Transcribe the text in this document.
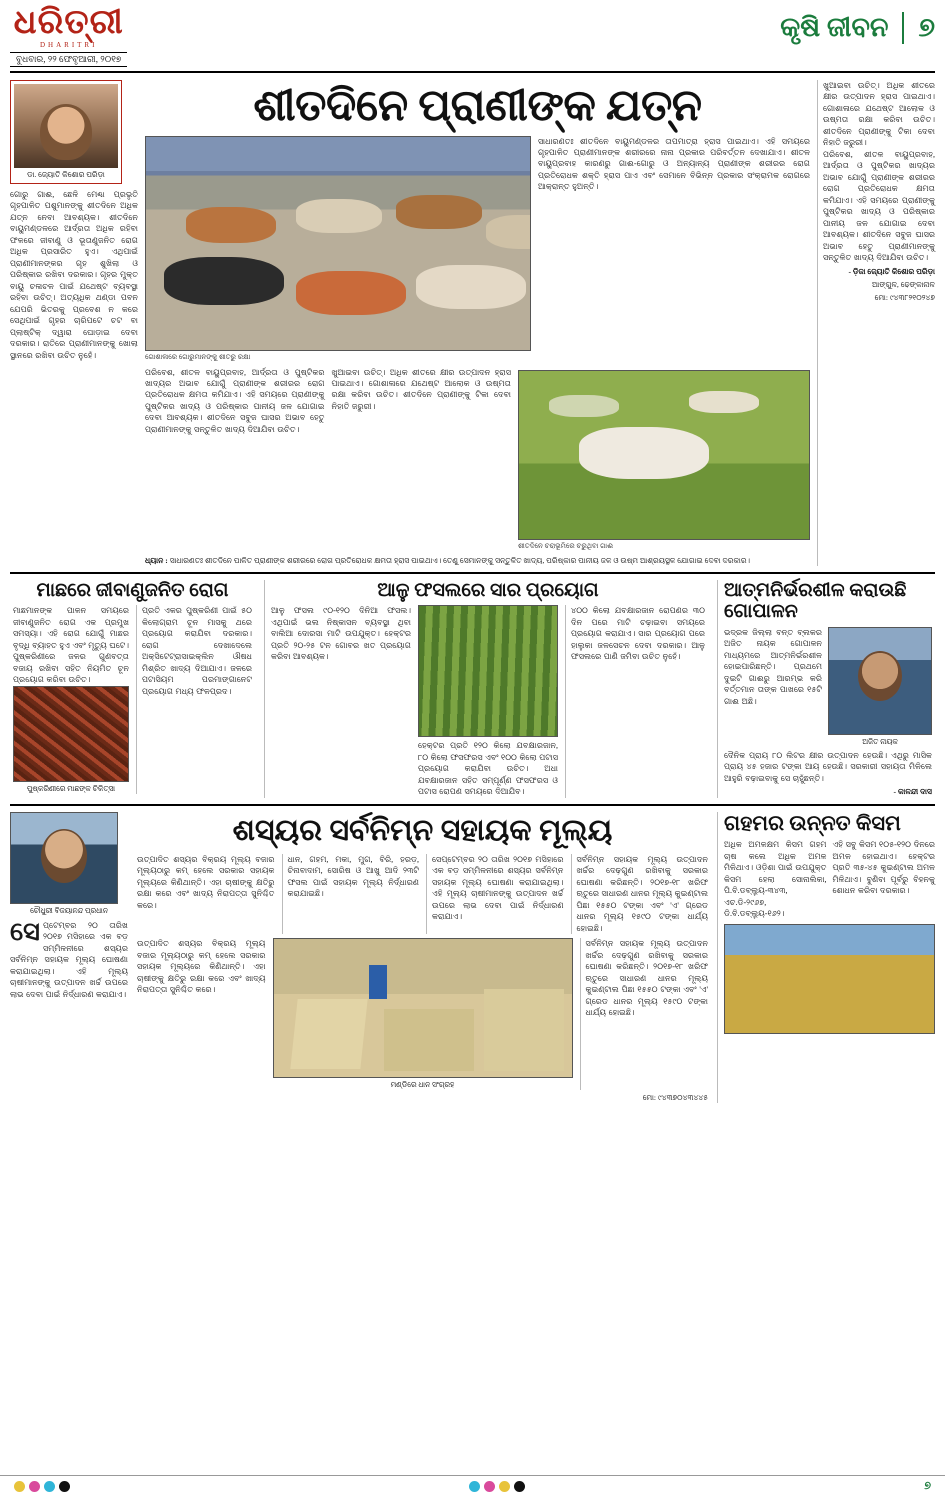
ଧରିତ୍ରୀ
DHARITRI
ବୁଧବାର, ୨୨ ଫେବୃଆରୀ, ୨୦୧୭
କୃଷି ଜୀବନ	୭
ଡା. ଜ୍ୟୋତି କିଶୋର ପରିଡ଼ା
ଗୋରୁ ଗାଈ, ଛେଳି ମେଣ୍ଢା ପ୍ରଭୃତି ଗୃହପାଳିତ ପଶୁମାନଙ୍କୁ ଶୀତଦିନେ ଅଧିକ ଯତ୍ନ ନେବା ଆବଶ୍ୟକ। ଶୀତଦିନେ ବାୟୁମଣ୍ଡଳରେ ଆର୍ଦ୍ରତା ଅଧିକ ରହିବା ଫଳରେ ଜୀବାଣୁ ଓ ଭୂତାଣୁଜନିତ ରୋଗ ଅଧିକ ପ୍ରସାରିତ ହୁଏ। ଏଥିପାଇଁ ପ୍ରାଣୀମାନଙ୍କର ଗୃହ ଶୁଖିଲା ଓ ପରିଷ୍କାର ରଖିବା ଦରକାର। ଗୃହର ମୁକ୍ତ ବାୟୁ ଚଳାଚଳ ପାଇଁ ଯଥେଷ୍ଟ ବ୍ୟବସ୍ଥା ରହିବା ଉଚିତ୍। ଅତ୍ୟଧିକ ଥଣ୍ଡା ପବନ ଯେପରି ଭିତରକୁ ପ୍ରବେଶ ନ କରେ ସେଥିପାଇଁ ଗୃହର ଚାରିପଟେ ଚଟ ବା ପ୍ଲାଷ୍ଟିକ୍ ଦ୍ୱାରା ଘୋଡ଼ାଇ ଦେବା ଦରକାର। ରାତିରେ ପ୍ରାଣୀମାନଙ୍କୁ ଖୋଲା ସ୍ଥାନରେ ରଖିବା ଉଚିତ ନୁହେଁ।
ଶୀତଦିନେ ପ୍ରାଣୀଙ୍କ ଯତ୍ନ
ଗୋଶାଳାରେ ଗୋରୁମାନଙ୍କୁ ଶୀତରୁ ରକ୍ଷା
ସାଧାରଣତଃ ଶୀତଦିନେ ବାୟୁମଣ୍ଡଳର ତାପମାତ୍ରା ହ୍ରାସ ପାଇଥାଏ। ଏହି ସମୟରେ ଗୃହପାଳିତ ପ୍ରାଣୀମାନଙ୍କ ଶରୀରରେ ନାନା ପ୍ରକାର ପରିବର୍ତ୍ତନ ଦେଖାଯାଏ। ଶୀତଳ ବାୟୁପ୍ରବାହ କାରଣରୁ ଗାଈ-ଗୋରୁ ଓ ଅନ୍ୟାନ୍ୟ ପ୍ରାଣୀଙ୍କ ଶରୀରର ରୋଗ ପ୍ରତିରୋଧକ ଶକ୍ତି ହ୍ରାସ ପାଏ ଏବଂ ସେମାନେ ବିଭିନ୍ନ ପ୍ରକାର ସଂକ୍ରାମକ ରୋଗରେ ଆକ୍ରାନ୍ତ ହୁଅନ୍ତି।
ପରିବେଶ, ଶୀତଳ ବାୟୁପ୍ରବାହ, ଆର୍ଦ୍ରତା ଓ ପୁଷ୍ଟିକର ଖାଦ୍ୟର ଅଭାବ ଯୋଗୁଁ ପ୍ରାଣୀଙ୍କ ଶରୀରର ରୋଗ ପ୍ରତିରୋଧକ କ୍ଷମତା କମିଯାଏ। ଏହି ସମୟରେ ପ୍ରାଣୀଙ୍କୁ ପୁଷ୍ଟିକର ଖାଦ୍ୟ ଓ ପରିଷ୍କାର ପାନୀୟ ଜଳ ଯୋଗାଇ ଦେବା ଆବଶ୍ୟକ। ଶୀତଦିନେ ସବୁଜ ଘାସର ଅଭାବ ହେତୁ ପ୍ରାଣୀମାନଙ୍କୁ ସନ୍ତୁଳିତ ଖାଦ୍ୟ ଦିଆଯିବା ଉଚିତ।
ଖୁଆଇବା ଉଚିତ୍। ଅଧିକ ଶୀତରେ କ୍ଷୀର ଉତ୍ପାଦନ ହ୍ରାସ ପାଇଥାଏ। ଗୋଶାଳାରେ ଯଥେଷ୍ଟ ଆଲୋକ ଓ ଉଷ୍ମତା ରକ୍ଷା କରିବା ଉଚିତ। ଶୀତଦିନେ ପ୍ରାଣୀଙ୍କୁ ଟିକା ଦେବା ନିହାତି ଜରୁରୀ।
ଶୀତଦିନେ ଚରାଭୂମିରେ ଚରୁଥିବା ଗାଈ
ଧ୍ୟାନ : ସାଧାରଣତଃ ଶୀତଦିନେ ପାଳିତ ପ୍ରାଣୀଙ୍କ ଶରୀରରେ ରୋଗ ପ୍ରତିରୋଧକ କ୍ଷମତା ହ୍ରାସ ପାଇଥାଏ। ତେଣୁ ସେମାନଙ୍କୁ ସନ୍ତୁଳିତ ଖାଦ୍ୟ, ପରିଷ୍କାର ପାନୀୟ ଜଳ ଓ ଉଷ୍ମ ଆଶ୍ରୟସ୍ଥଳ ଯୋଗାଇ ଦେବା ଦରକାର।
ଖୁଆଇବା ଉଚିତ୍। ଅଧିକ ଶୀତରେ କ୍ଷୀର ଉତ୍ପାଦନ ହ୍ରାସ ପାଇଥାଏ। ଗୋଶାଳାରେ ଯଥେଷ୍ଟ ଆଲୋକ ଓ ଉଷ୍ମତା ରକ୍ଷା କରିବା ଉଚିତ। ଶୀତଦିନେ ପ୍ରାଣୀଙ୍କୁ ଟିକା ଦେବା ନିହାତି ଜରୁରୀ।
ପରିବେଶ, ଶୀତଳ ବାୟୁପ୍ରବାହ, ଆର୍ଦ୍ରତା ଓ ପୁଷ୍ଟିକର ଖାଦ୍ୟର ଅଭାବ ଯୋଗୁଁ ପ୍ରାଣୀଙ୍କ ଶରୀରର ରୋଗ ପ୍ରତିରୋଧକ କ୍ଷମତା କମିଯାଏ। ଏହି ସମୟରେ ପ୍ରାଣୀଙ୍କୁ ପୁଷ୍ଟିକର ଖାଦ୍ୟ ଓ ପରିଷ୍କାର ପାନୀୟ ଜଳ ଯୋଗାଇ ଦେବା ଆବଶ୍ୟକ। ଶୀତଦିନେ ସବୁଜ ଘାସର ଅଭାବ ହେତୁ ପ୍ରାଣୀମାନଙ୍କୁ ସନ୍ତୁଳିତ ଖାଦ୍ୟ ଦିଆଯିବା ଉଚିତ।
- ଡ଼ିଜା ଜ୍ୟୋତି କିଶୋର ପରିଡ଼ା
ଆଙ୍ଗୁଳ, ଢେଙ୍କାନାଳ
ମୋ: ୯୪୩୮୨୧୦୨୪୭
ମାଛରେ ଜୀବାଣୁଜନିତ ରୋଗ
ମାଛମାନଙ୍କ ପାଳନ ସମୟରେ ଜୀବାଣୁଜନିତ ରୋଗ ଏକ ପ୍ରମୁଖ ସମସ୍ୟା। ଏହି ରୋଗ ଯୋଗୁଁ ମାଛର ବୃଦ୍ଧି ବ୍ୟାହତ ହୁଏ ଏବଂ ମୃତ୍ୟୁ ଘଟେ। ପୁଷ୍କରିଣୀରେ ଜଳର ଗୁଣବତ୍ତା ବଜାୟ ରଖିବା ସହିତ ନିୟମିତ ଚୂନ ପ୍ରୟୋଗ କରିବା ଉଚିତ।
ପୁଷ୍କରିଣୀରେ ମାଛଙ୍କ ଚିକିତ୍ସା
ପ୍ରତି ଏକର ପୁଷ୍କରିଣୀ ପାଇଁ ୫୦ କିଲୋଗ୍ରାମ ଚୂନ ମାସକୁ ଥରେ ପ୍ରୟୋଗ କରାଯିବା ଦରକାର। ରୋଗ ଦେଖାଦେଲେ ଅକ୍ସିଟେଟ୍ରାସାଇକ୍ଲିନ ଔଷଧ ମିଶ୍ରିତ ଖାଦ୍ୟ ଦିଆଯାଏ। ଜଳରେ ପଟାସିୟମ ପରମାଙ୍ଗାନେଟ ପ୍ରୟୋଗ ମଧ୍ୟ ଫଳପ୍ରଦ।
ଆଳୁ ଫସଲରେ ସାର ପ୍ରୟୋଗ
ଆଳୁ ଫସଲ ୯୦-୧୨୦ ଦିନିଆ ଫସଲ। ଏଥିପାଇଁ ଭଲ ନିଷ୍କାସନ ବ୍ୟବସ୍ଥା ଥିବା ବାଲିଆ ଦୋରସା ମାଟି ଉପଯୁକ୍ତ। ହେକ୍ଟର ପ୍ରତି ୨୦-୨୫ ଟନ ଗୋବର ଖତ ପ୍ରୟୋଗ କରିବା ଆବଶ୍ୟକ।
ହେକ୍ଟର ପ୍ରତି ୧୨୦ କିଲୋ ଯବକ୍ଷାରଜାନ, ୮୦ କିଲୋ ଫସଫରସ ଏବଂ ୧୦୦ କିଲୋ ପଟାସ ପ୍ରୟୋଗ କରାଯିବା ଉଚିତ। ଅଧା ଯବକ୍ଷାରଜାନ ସହିତ ସମ୍ପୂର୍ଣ୍ଣ ଫସଫରସ ଓ ପଟାସ ରୋପଣ ସମୟରେ ଦିଆଯିବ।
୪୦୦ କିଲୋ ଯବକ୍ଷାରଜାନ ରୋପଣର ୩୦ ଦିନ ପରେ ମାଟି ଚଢ଼ାଇବା ସମୟରେ ପ୍ରୟୋଗ କରାଯାଏ। ସାର ପ୍ରୟୋଗ ପରେ ହାଲୁକା ଜଳସେଚନ ଦେବା ଦରକାର। ଆଳୁ ଫସଲରେ ପାଣି ଜମିବା ଉଚିତ ନୁହେଁ।
ଆତ୍ମନିର୍ଭରଶୀଳ କରାଉଛି ଗୋପାଳନ
ଭଦ୍ରକ ଜିଲ୍ଲା ବନ୍ତ ବ୍ଲକର ଅଜିତ ନାୟକ ଗୋପାଳନ ମାଧ୍ୟମରେ ଆତ୍ମନିର୍ଭରଶୀଳ ହୋଇପାରିଛନ୍ତି। ପ୍ରଥମେ ଦୁଇଟି ଗାଈରୁ ଆରମ୍ଭ କରି ବର୍ତ୍ତମାନ ତାଙ୍କ ପାଖରେ ୧୫ଟି ଗାଈ ଅଛି।
ଅଜିତ ନାୟକ
ଦୈନିକ ପ୍ରାୟ ୮୦ ଲିଟର କ୍ଷୀର ଉତ୍ପାଦନ ହେଉଛି। ଏଥିରୁ ମାସିକ ପ୍ରାୟ ୪୫ ହଜାର ଟଙ୍କା ଆୟ ହେଉଛି। ସରକାରୀ ସହାୟତା ମିଳିଲେ ଆହୁରି ବଢ଼ାଇବାକୁ ସେ ଚାହୁଁଛନ୍ତି।
- କାଳନ୍ଦୀ ଦାସ
ଚୌଧୁରୀ ବିଜୟାନନ୍ଦ ପ୍ରଧାନ
ସେପ୍ଟେମ୍ବର ୨୦ ତାରିଖ ୨୦୧୭ ମସିହାରେ ଏକ ବଡ଼ ସମ୍ମିଳନୀରେ ଶସ୍ୟର ସର୍ବନିମ୍ନ ସହାୟକ ମୂଲ୍ୟ ଘୋଷଣା କରାଯାଇଥିଲା। ଏହି ମୂଲ୍ୟ ଚାଷୀମାନଙ୍କୁ ଉତ୍ପାଦନ ଖର୍ଚ୍ଚ ଉପରେ ଲାଭ ଦେବା ପାଇଁ ନିର୍ଦ୍ଧାରଣ କରାଯାଏ।
ଶସ୍ୟର ସର୍ବନିମ୍ନ ସହାୟକ ମୂଲ୍ୟ
ଉତ୍ପାଦିତ ଶସ୍ୟର ବିକ୍ରୟ ମୂଲ୍ୟ ବଜାର ମୂଲ୍ୟଠାରୁ କମ୍ ହେଲେ ସରକାର ସହାୟକ ମୂଲ୍ୟରେ କିଣିଥାନ୍ତି। ଏହା ଚାଷୀଙ୍କୁ କ୍ଷତିରୁ ରକ୍ଷା କରେ ଏବଂ ଖାଦ୍ୟ ନିରାପତ୍ତା ସୁନିଶ୍ଚିତ କରେ।
ଧାନ, ଗହମ, ମକା, ମୁଗ, ବିରି, ହରଡ଼, ଚିନାବାଦାମ, ସୋରିଷ ଓ ଆଖୁ ଆଦି ୨୩ଟି ଫସଲ ପାଇଁ ସହାୟକ ମୂଲ୍ୟ ନିର୍ଦ୍ଧାରଣ କରାଯାଇଛି।
ସେପ୍ଟେମ୍ବର ୨୦ ତାରିଖ ୨୦୧୭ ମସିହାରେ ଏକ ବଡ଼ ସମ୍ମିଳନୀରେ ଶସ୍ୟର ସର୍ବନିମ୍ନ ସହାୟକ ମୂଲ୍ୟ ଘୋଷଣା କରାଯାଇଥିଲା। ଏହି ମୂଲ୍ୟ ଚାଷୀମାନଙ୍କୁ ଉତ୍ପାଦନ ଖର୍ଚ୍ଚ ଉପରେ ଲାଭ ଦେବା ପାଇଁ ନିର୍ଦ୍ଧାରଣ କରାଯାଏ।
ସର୍ବନିମ୍ନ ସହାୟକ ମୂଲ୍ୟ ଉତ୍ପାଦନ ଖର୍ଚ୍ଚର ଦେଢ଼ଗୁଣ ରଖିବାକୁ ସରକାର ଘୋଷଣା କରିଛନ୍ତି। ୨୦୧୭-୧୮ ଖରିଫ ଋତୁରେ ସାଧାରଣ ଧାନର ମୂଲ୍ୟ କୁଇଣ୍ଟାଲ ପିଛା ୧୫୫୦ ଟଙ୍କା ଏବଂ 'ଏ' ଗ୍ରେଡ ଧାନର ମୂଲ୍ୟ ୧୫୯୦ ଟଙ୍କା ଧାର୍ଯ୍ୟ ହୋଇଛି।
ଉତ୍ପାଦିତ ଶସ୍ୟର ବିକ୍ରୟ ମୂଲ୍ୟ ବଜାର ମୂଲ୍ୟଠାରୁ କମ୍ ହେଲେ ସରକାର ସହାୟକ ମୂଲ୍ୟରେ କିଣିଥାନ୍ତି। ଏହା ଚାଷୀଙ୍କୁ କ୍ଷତିରୁ ରକ୍ଷା କରେ ଏବଂ ଖାଦ୍ୟ ନିରାପତ୍ତା ସୁନିଶ୍ଚିତ କରେ।
ମଣ୍ଡିରେ ଧାନ ସଂଗ୍ରହ
ସର୍ବନିମ୍ନ ସହାୟକ ମୂଲ୍ୟ ଉତ୍ପାଦନ ଖର୍ଚ୍ଚର ଦେଢ଼ଗୁଣ ରଖିବାକୁ ସରକାର ଘୋଷଣା କରିଛନ୍ତି। ୨୦୧୭-୧୮ ଖରିଫ ଋତୁରେ ସାଧାରଣ ଧାନର ମୂଲ୍ୟ କୁଇଣ୍ଟାଲ ପିଛା ୧୫୫୦ ଟଙ୍କା ଏବଂ 'ଏ' ଗ୍ରେଡ ଧାନର ମୂଲ୍ୟ ୧୫୯୦ ଟଙ୍କା ଧାର୍ଯ୍ୟ ହୋଇଛି।
ମୋ: ୯୪୩୭୦୪୩୪୪୫
ଗହମର ଉନ୍ନତ କିସମ
ଅଧିକ ଅମଳକ୍ଷମ କିସମ ଗହମ ଚାଷ କଲେ ଅଧିକ ଅମଳ ମିଳିଥାଏ। ଓଡ଼ିଶା ପାଇଁ ଉପଯୁକ୍ତ କିସମ ହେଲା ସୋନାଲିକା, ପି.ବି.ଡବ୍ଲ୍ୟୁ-୩୪୩, ଏଚ.ଡି-୨୯୬୭, ଡି.ବି.ଡବ୍ଲ୍ୟୁ-୧୬୨।
ଏହି ସବୁ କିସମ ୧୦୫-୧୨୦ ଦିନରେ ଅମଳ ହୋଇଥାଏ। ହେକ୍ଟର ପ୍ରତି ୩୫-୪୫ କୁଇଣ୍ଟାଲ ଅମଳ ମିଳିଥାଏ। ବୁଣିବା ପୂର୍ବରୁ ବିହନକୁ ଶୋଧନ କରିବା ଦରକାର।
୭
